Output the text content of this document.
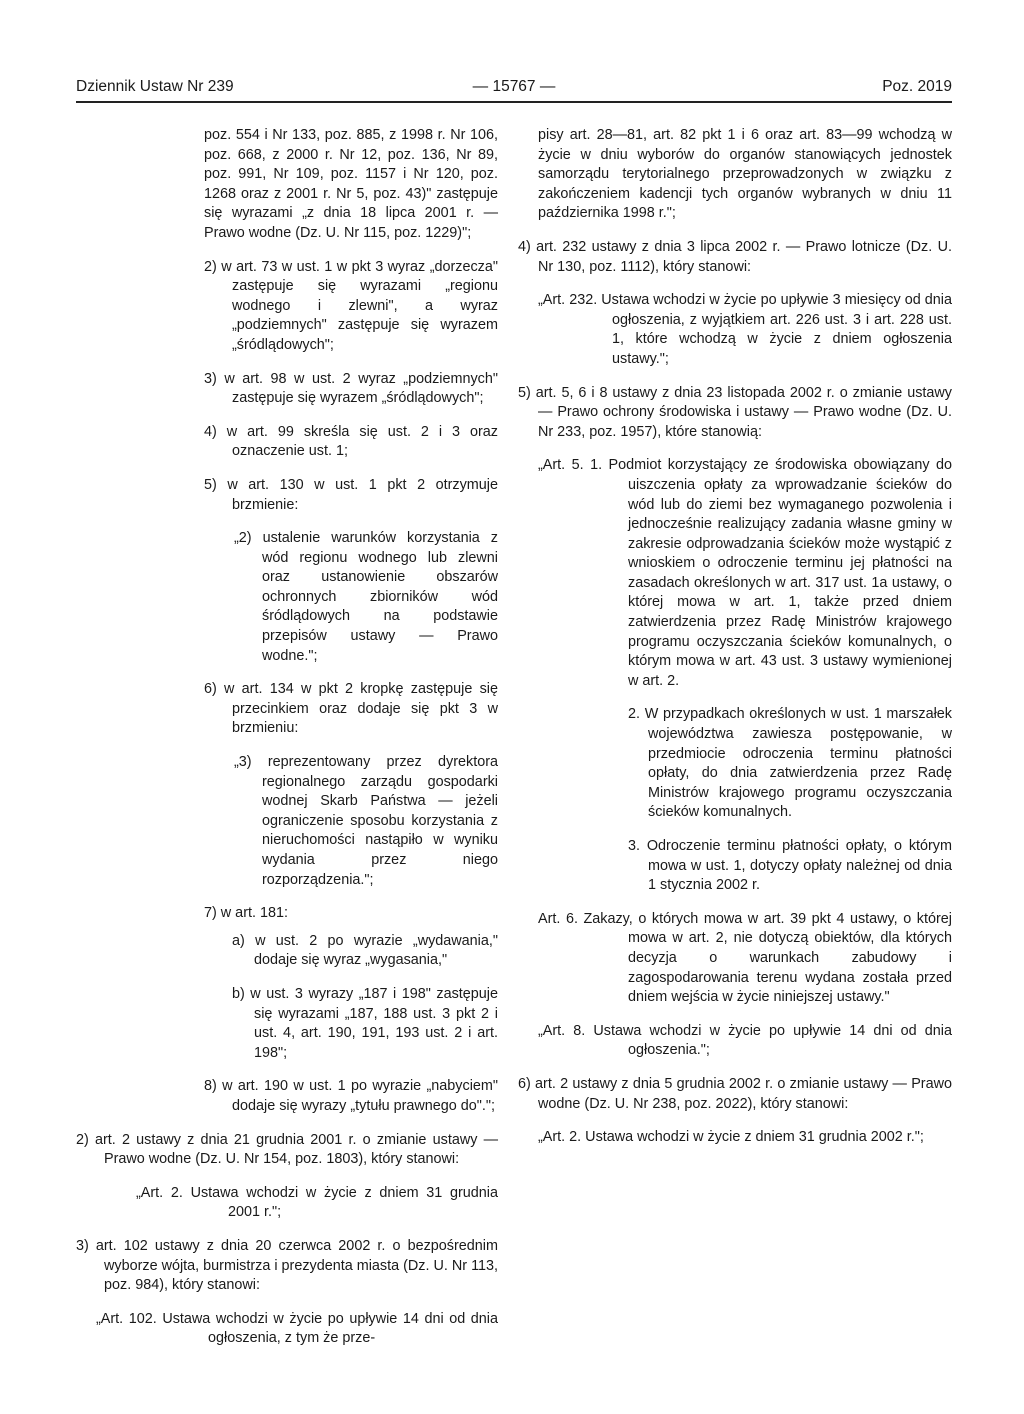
Dziennik Ustaw Nr 239	— 15767 —	Poz. 2019

poz. 554 i Nr 133, poz. 885, z 1998 r. Nr 106, poz. 668, z 2000 r. Nr 12, poz. 136, Nr 89, poz. 991, Nr 109, poz. 1157 i Nr 120, poz. 1268 oraz z 2001 r. Nr 5, poz. 43)" zastępuje się wyrazami „z dnia 18 lipca 2001 r. — Prawo wodne (Dz. U. Nr 115, poz. 1229)";

2) w art. 73 w ust. 1 w pkt 3 wyraz „dorzecza" zastępuje się wyrazami „regionu wodnego i zlewni", a wyraz „podziemnych" zastępuje się wyrazem „śródlądowych";

3) w art. 98 w ust. 2 wyraz „podziemnych" zastępuje się wyrazem „śródlądowych";

4) w art. 99 skreśla się ust. 2 i 3 oraz oznaczenie ust. 1;

5) w art. 130 w ust. 1 pkt 2 otrzymuje brzmienie:

„2) ustalenie warunków korzystania z wód regionu wodnego lub zlewni oraz ustanowienie obszarów ochronnych zbiorników wód śródlądowych na podstawie przepisów ustawy — Prawo wodne.";

6) w art. 134 w pkt 2 kropkę zastępuje się przecinkiem oraz dodaje się pkt 3 w brzmieniu:

„3) reprezentowany przez dyrektora regionalnego zarządu gospodarki wodnej Skarb Państwa — jeżeli ograniczenie sposobu korzystania z nieruchomości nastąpiło w wyniku wydania przez niego rozporządzenia.";

7) w art. 181:

a) w ust. 2 po wyrazie „wydawania," dodaje się wyraz „wygasania,"

b) w ust. 3 wyrazy „187 i 198" zastępuje się wyrazami „187, 188 ust. 3 pkt 2 i ust. 4, art. 190, 191, 193 ust. 2 i art. 198";

8) w art. 190 w ust. 1 po wyrazie „nabyciem" dodaje się wyrazy „tytułu prawnego do".";

2) art. 2 ustawy z dnia 21 grudnia 2001 r. o zmianie ustawy — Prawo wodne (Dz. U. Nr 154, poz. 1803), który stanowi:

„Art. 2. Ustawa wchodzi w życie z dniem 31 grudnia 2001 r.";

3) art. 102 ustawy z dnia 20 czerwca 2002 r. o bezpośrednim wyborze wójta, burmistrza i prezydenta miasta (Dz. U. Nr 113, poz. 984), który stanowi:

„Art. 102. Ustawa wchodzi w życie po upływie 14 dni od dnia ogłoszenia, z tym że prze-

pisy art. 28—81, art. 82 pkt 1 i 6 oraz art. 83—99 wchodzą w życie w dniu wyborów do organów stanowiących jednostek samorządu terytorialnego przeprowadzonych w związku z zakończeniem kadencji tych organów wybranych w dniu 11 października 1998 r.";

4) art. 232 ustawy z dnia 3 lipca 2002 r. — Prawo lotnicze (Dz. U. Nr 130, poz. 1112), który stanowi:

„Art. 232. Ustawa wchodzi w życie po upływie 3 miesięcy od dnia ogłoszenia, z wyjątkiem art. 226 ust. 3 i art. 228 ust. 1, które wchodzą w życie z dniem ogłoszenia ustawy.";

5) art. 5, 6 i 8 ustawy z dnia 23 listopada 2002 r. o zmianie ustawy — Prawo ochrony środowiska i ustawy — Prawo wodne (Dz. U. Nr 233, poz. 1957), które stanowią:

„Art. 5. 1. Podmiot korzystający ze środowiska obowiązany do uiszczenia opłaty za wprowadzanie ścieków do wód lub do ziemi bez wymaganego pozwolenia i jednocześnie realizujący zadania własne gminy w zakresie odprowadzania ścieków może wystąpić z wnioskiem o odroczenie terminu jej płatności na zasadach określonych w art. 317 ust. 1a ustawy, o której mowa w art. 1, także przed dniem zatwierdzenia przez Radę Ministrów krajowego programu oczyszczania ścieków komunalnych, o którym mowa w art. 43 ust. 3 ustawy wymienionej w art. 2.

2. W przypadkach określonych w ust. 1 marszałek województwa zawiesza postępowanie, w przedmiocie odroczenia terminu płatności opłaty, do dnia zatwierdzenia przez Radę Ministrów krajowego programu oczyszczania ścieków komunalnych.

3. Odroczenie terminu płatności opłaty, o którym mowa w ust. 1, dotyczy opłaty należnej od dnia 1 stycznia 2002 r.

Art. 6. Zakazy, o których mowa w art. 39 pkt 4 ustawy, o której mowa w art. 2, nie dotyczą obiektów, dla których decyzja o warunkach zabudowy i zagospodarowania terenu wydana została przed dniem wejścia w życie niniejszej ustawy."

„Art. 8. Ustawa wchodzi w życie po upływie 14 dni od dnia ogłoszenia.";

6) art. 2 ustawy z dnia 5 grudnia 2002 r. o zmianie ustawy — Prawo wodne (Dz. U. Nr 238, poz. 2022), który stanowi:

„Art. 2. Ustawa wchodzi w życie z dniem 31 grudnia 2002 r.";
